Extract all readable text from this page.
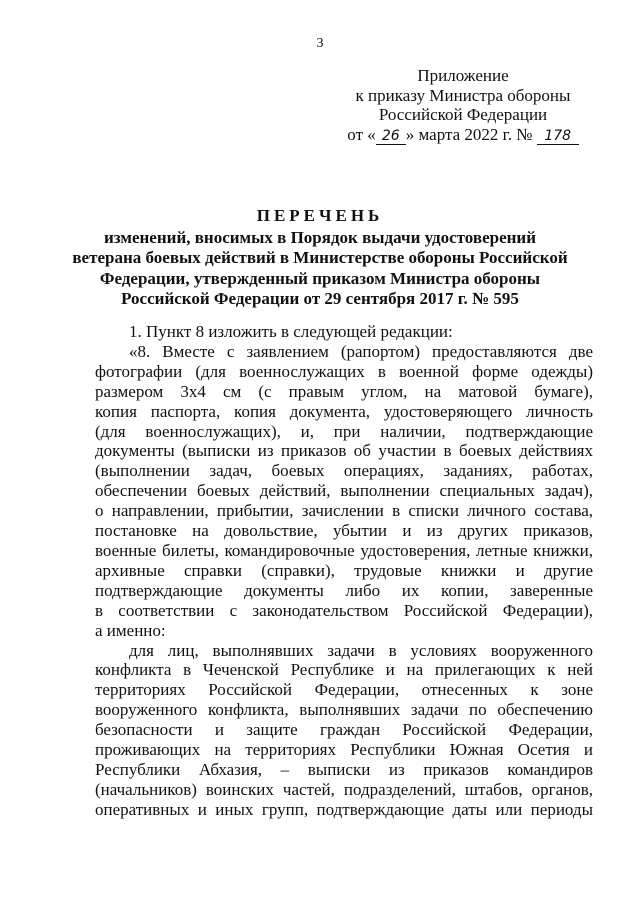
3
Приложение
к приказу Министра обороны
Российской Федерации
от « 26 » марта 2022 г. № 178
ПЕРЕЧЕНЬ
изменений, вносимых в Порядок выдачи удостоверений
ветерана боевых действий в Министерстве обороны Российской
Федерации, утвержденный приказом Министра обороны
Российской Федерации от 29 сентября 2017 г. № 595
1. Пункт 8 изложить в следующей редакции:
«8. Вместе с заявлением (рапортом) предоставляются две
фотографии (для военнослужащих в военной форме одежды)
размером 3х4 см (с правым углом, на матовой бумаге),
копия паспорта, копия документа, удостоверяющего личность
(для военнослужащих), и, при наличии, подтверждающие
документы (выписки из приказов об участии в боевых действиях
(выполнении задач, боевых операциях, заданиях, работах,
обеспечении боевых действий, выполнении специальных задач),
о направлении, прибытии, зачислении в списки личного состава,
постановке на довольствие, убытии и из других приказов,
военные билеты, командировочные удостоверения, летные книжки,
архивные справки (справки), трудовые книжки и другие
подтверждающие документы либо их копии, заверенные
в соответствии с законодательством Российской Федерации),
а именно:
для лиц, выполнявших задачи в условиях вооруженного
конфликта в Чеченской Республике и на прилегающих к ней
территориях Российской Федерации, отнесенных к зоне
вооруженного конфликта, выполнявших задачи по обеспечению
безопасности и защите граждан Российской Федерации,
проживающих на территориях Республики Южная Осетия и
Республики Абхазия, – выписки из приказов командиров
(начальников) воинских частей, подразделений, штабов, органов,
оперативных и иных групп, подтверждающие даты или периоды
